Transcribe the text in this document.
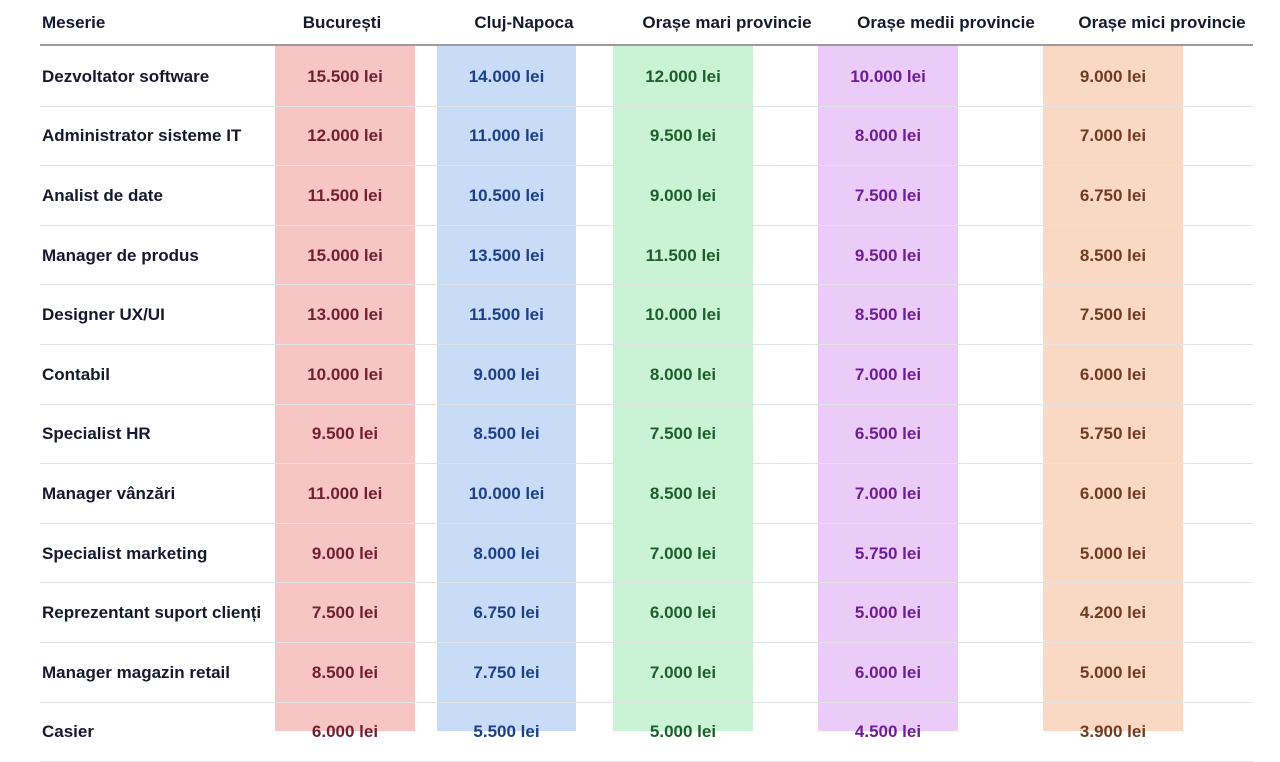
Meserie	București	Cluj-Napoca	Orașe mari provincie	Orașe medii provincie	Orașe mici provincie
Dezvoltator software	15.500 lei	14.000 lei	12.000 lei	10.000 lei	9.000 lei
Administrator sisteme IT	12.000 lei	11.000 lei	9.500 lei	8.000 lei	7.000 lei
Analist de date	11.500 lei	10.500 lei	9.000 lei	7.500 lei	6.750 lei
Manager de produs	15.000 lei	13.500 lei	11.500 lei	9.500 lei	8.500 lei
Designer UX/UI	13.000 lei	11.500 lei	10.000 lei	8.500 lei	7.500 lei
Contabil	10.000 lei	9.000 lei	8.000 lei	7.000 lei	6.000 lei
Specialist HR	9.500 lei	8.500 lei	7.500 lei	6.500 lei	5.750 lei
Manager vânzări	11.000 lei	10.000 lei	8.500 lei	7.000 lei	6.000 lei
Specialist marketing	9.000 lei	8.000 lei	7.000 lei	5.750 lei	5.000 lei
Reprezentant suport clienți	7.500 lei	6.750 lei	6.000 lei	5.000 lei	4.200 lei
Manager magazin retail	8.500 lei	7.750 lei	7.000 lei	6.000 lei	5.000 lei
Casier	6.000 lei	5.500 lei	5.000 lei	4.500 lei	3.900 lei
